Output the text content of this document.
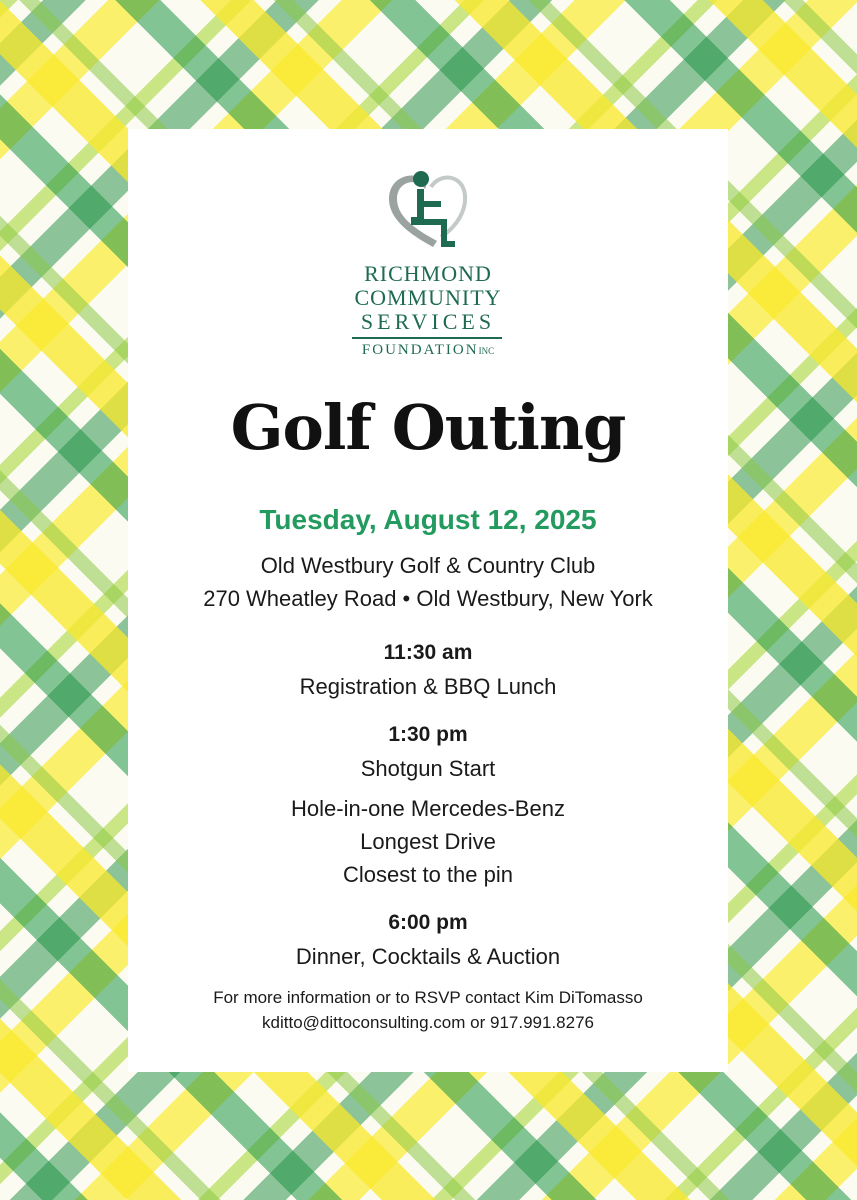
RICHMOND
COMMUNITY
SERVICES
FOUNDATIONINC
Golf Outing
Tuesday, August 12, 2025
Old Westbury Golf & Country Club
270 Wheatley Road • Old Westbury, New York
11:30 am
Registration & BBQ Lunch
1:30 pm
Shotgun Start
Hole-in-one Mercedes-Benz
Longest Drive
Closest to the pin
6:00 pm
Dinner, Cocktails & Auction
For more information or to RSVP contact Kim DiTomasso
kditto@dittoconsulting.com or 917.991.8276
